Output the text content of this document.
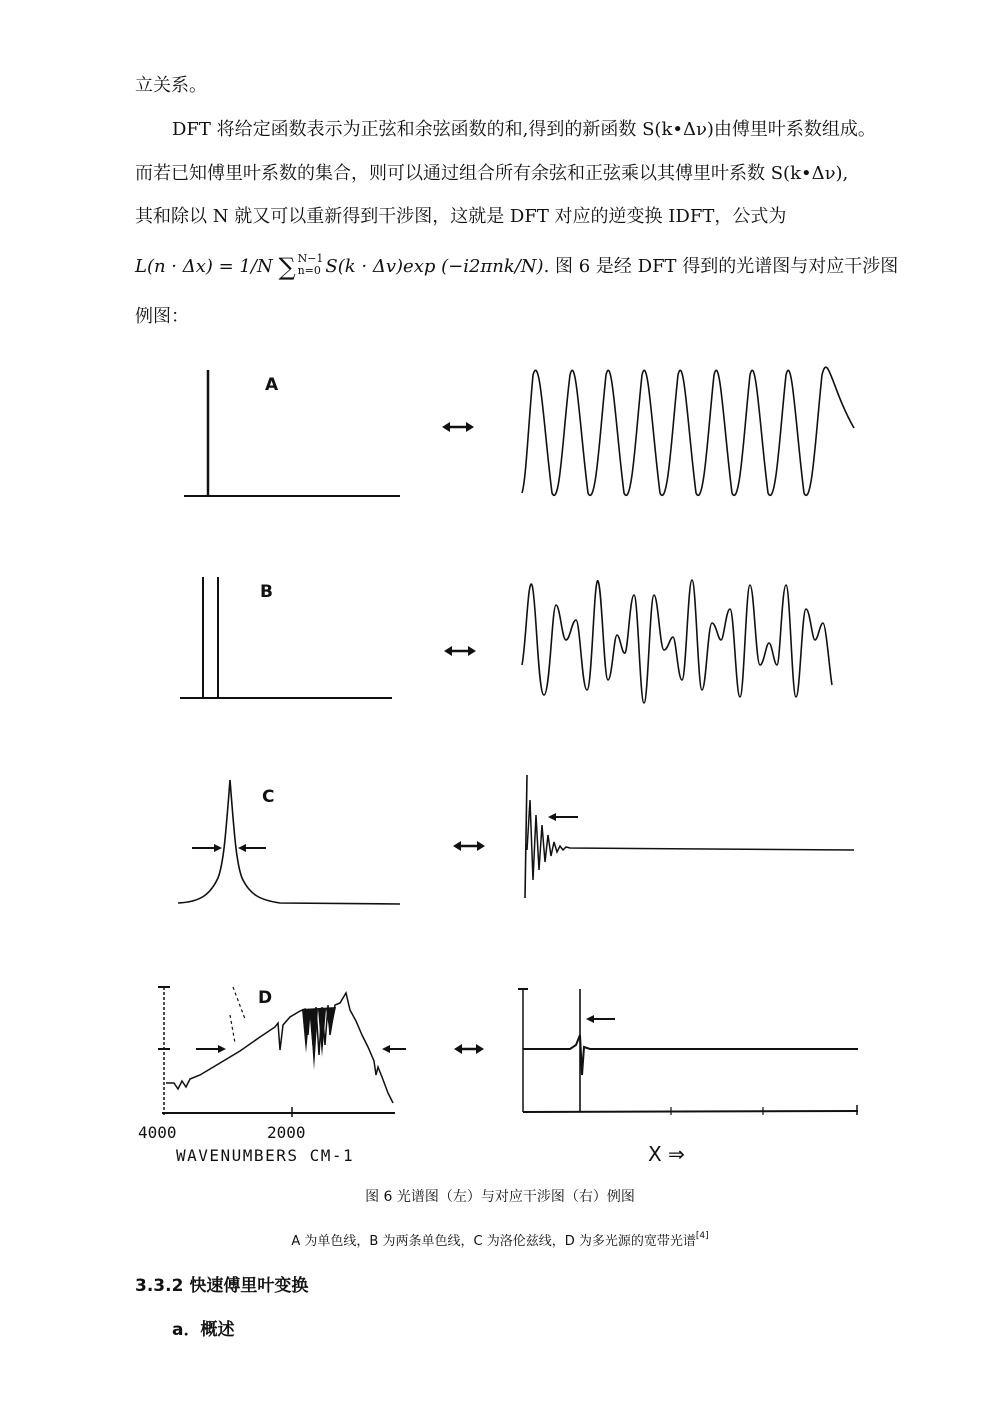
立关系。
DFT 将给定函数表示为正弦和余弦函数的和,得到的新函数 S(k•Δν)由傅里叶系数组成。
而若已知傅里叶系数的集合，则可以通过组合所有余弦和正弦乘以其傅里叶系数 S(k•Δν),
其和除以 N 就又可以重新得到干涉图，这就是 DFT 对应的逆变换 IDFT，公式为
L(n · Δx) = 1/N ∑ N−1
n=0 S(k · Δv)exp (−i2πnk/N). 图 6 是经 DFT 得到的光谱图与对应干涉图
例图：
A
B
C
D
4000	2000
WAVENUMBERS CM-1	X ⇒
图 6 光谱图（左）与对应干涉图（右）例图
A 为单色线，B 为两条单色线，C 为洛伦兹线，D 为多光源的宽带光谱[4]
3.3.2 快速傅里叶变换
a．概述
